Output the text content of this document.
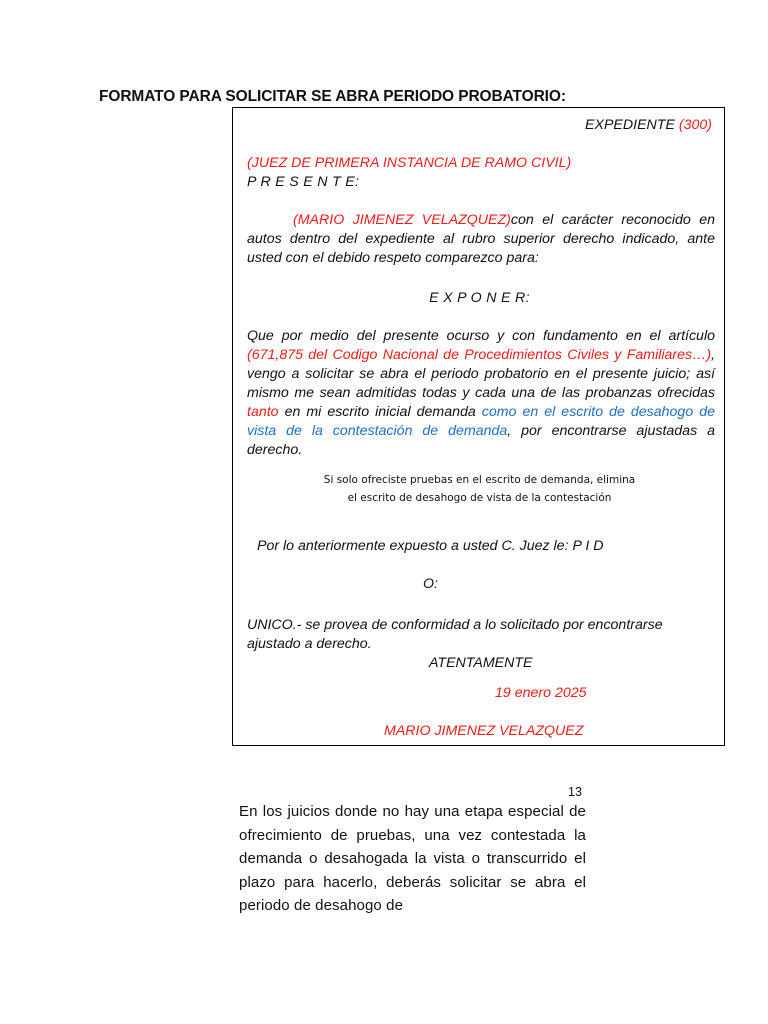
FORMATO PARA SOLICITAR SE ABRA PERIODO PROBATORIO:

EXPEDIENTE (300)

(JUEZ DE PRIMERA INSTANCIA DE RAMO CIVIL)

P R E S E N T E:

(MARIO JIMENEZ VELAZQUEZ)con el carácter reconocido en autos dentro del expediente al rubro superior derecho indicado, ante usted con el debido respeto comparezco para:

E X P O N E R:

Que por medio del presente ocurso y con fundamento en el artículo (671,875 del Codigo Nacional de Procedimientos Civiles y Familiares…), vengo a solicitar se abra el periodo probatorio en el presente juicio; así mismo me sean admitidas todas y cada una de las probanzas ofrecidas tanto en mi escrito inicial demanda como en el escrito de desahogo de vista de la contestación de demanda, por encontrarse ajustadas a derecho.

Si solo ofreciste pruebas en el escrito de demanda, elimina
el escrito de desahogo de vista de la contestación

Por lo anteriormente expuesto a usted C. Juez le: P I D

O:

UNICO.- se provea de conformidad a lo solicitado por encontrarse ajustado a derecho.

ATENTAMENTE

19 enero 2025

MARIO JIMENEZ VELAZQUEZ

13

En los juicios donde no hay una etapa especial de ofrecimiento de pruebas, una vez contestada la demanda o desahogada la vista o transcurrido el plazo para hacerlo, deberás solicitar se abra el periodo de desahogo de
